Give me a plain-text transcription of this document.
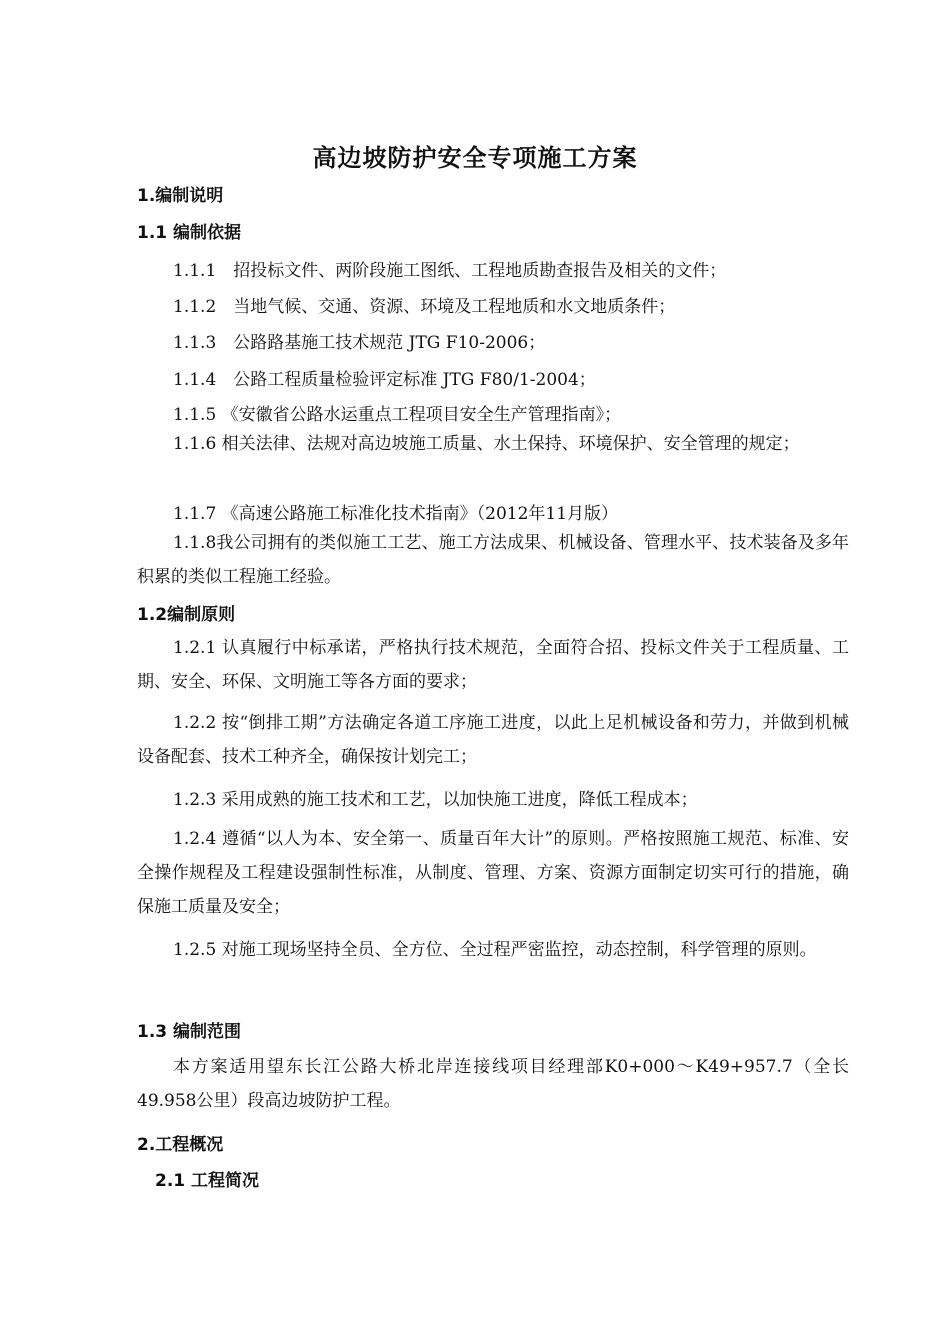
高边坡防护安全专项施工方案
1.编制说明
1.1 编制依据
1.1.1　招投标文件、两阶段施工图纸、工程地质勘查报告及相关的文件；
1.1.2　当地气候、交通、资源、环境及工程地质和水文地质条件；
1.1.3　公路路基施工技术规范 JTG F10-2006；
1.1.4　公路工程质量检验评定标准 JTG F80/1-2004；
1.1.5 《安徽省公路水运重点工程项目安全生产管理指南》；
1.1.6 相关法律、法规对高边坡施工质量、水土保持、环境保护、安全管理的规定；
1.1.7 《高速公路施工标准化技术指南》（2012年11月版）
1.1.8我公司拥有的类似施工工艺、施工方法成果、机械设备、管理水平、技术装备及多年积累的类似工程施工经验。
1.2编制原则
1.2.1 认真履行中标承诺，严格执行技术规范，全面符合招、投标文件关于工程质量、工期、安全、环保、文明施工等各方面的要求；
1.2.2 按“倒排工期”方法确定各道工序施工进度，以此上足机械设备和劳力，并做到机械设备配套、技术工种齐全，确保按计划完工；
1.2.3 采用成熟的施工技术和工艺，以加快施工进度，降低工程成本；
1.2.4 遵循“以人为本、安全第一、质量百年大计”的原则。严格按照施工规范、标准、安全操作规程及工程建设强制性标准，从制度、管理、方案、资源方面制定切实可行的措施，确保施工质量及安全；
1.2.5 对施工现场坚持全员、全方位、全过程严密监控，动态控制，科学管理的原则。
1.3 编制范围
本方案适用望东长江公路大桥北岸连接线项目经理部K0+000～K49+957.7（全长49.958公里）段高边坡防护工程。
2.工程概况
2.1 工程简况
